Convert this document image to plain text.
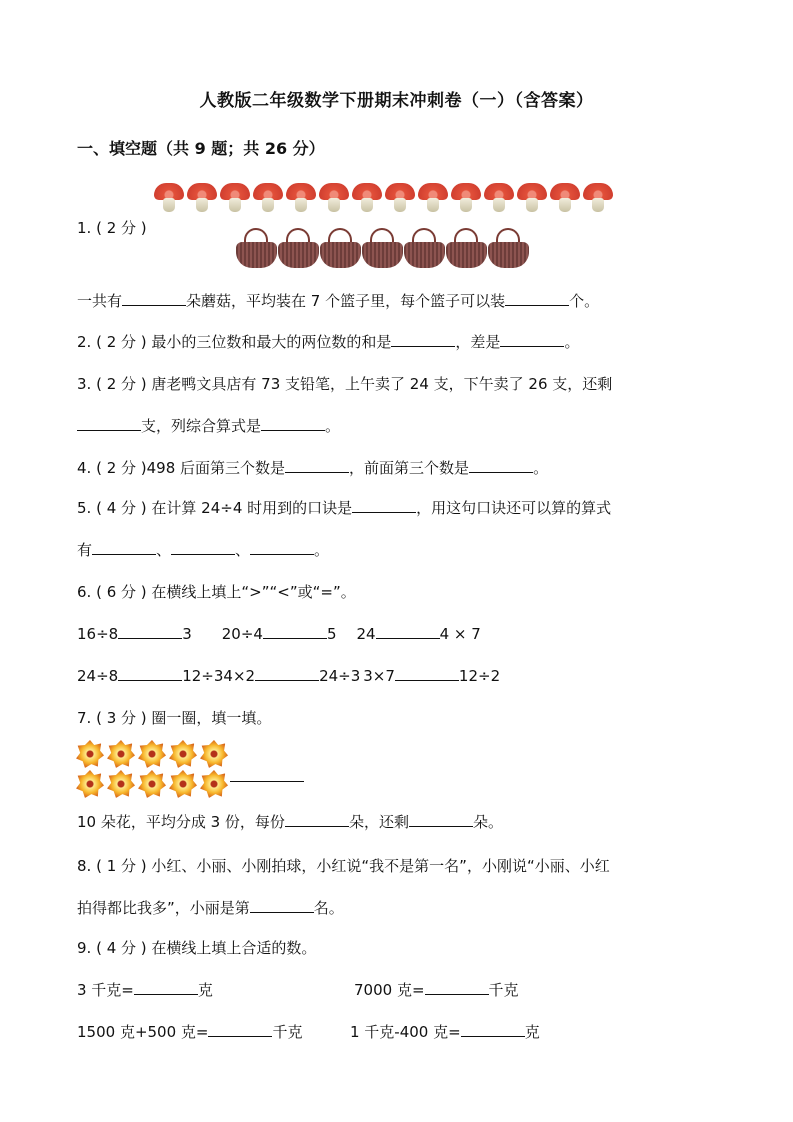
人教版二年级数学下册期末冲刺卷（一）（含答案）
一、填空题（共 9 题；共 26 分）
1. ( 2 分 )
一共有	朵蘑菇，平均装在 7 个篮子里，每个篮子可以装	个。
2. ( 2 分 ) 最小的三位数和最大的两位数的和是	，差是	。
3. ( 2 分 ) 唐老鸭文具店有 73 支铅笔，上午卖了 24 支，下午卖了 26 支，还剩
支，列综合算式是	。
4. ( 2 分 )498 后面第三个数是	，前面第三个数是	。
5. ( 4 分 ) 在计算 24÷4 时用到的口诀是	，用这句口诀还可以算的算式
有	、	、	。
6. ( 6 分 ) 在横线上填上“>”“<”或“=”。
16÷8	3 20÷4	5 24	4 × 7
24÷8	12÷34×2	24÷3 3×7	12÷2
7. ( 3 分 ) 圈一圈，填一填。
10 朵花，平均分成 3 份，每份	朵，还剩	朵。
8. ( 1 分 ) 小红、小丽、小刚拍球，小红说“我不是第一名”，小刚说“小丽、小红
拍得都比我多”，小丽是第	名。
9. ( 4 分 ) 在横线上填上合适的数。
3 千克=	克	7000 克=	千克
1500 克+500 克=	千克	1 千克-400 克=	克
